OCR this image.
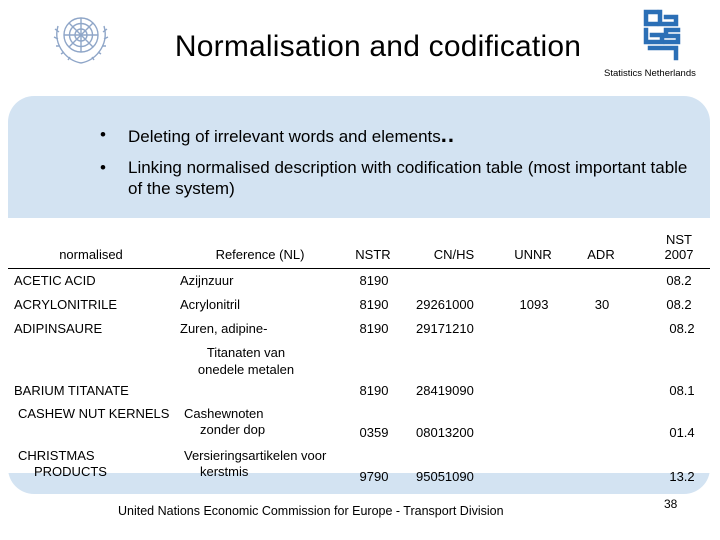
Normalisation and codification
Statistics Netherlands
• Deleting of irrelevant words and elements..
• Linking normalised description with codification table (most important table of the system)
normalised	Reference (NL)	NSTR	CN/HS	UNNR	ADR	NST 2007
ACETIC ACID	Azijnzuur	8190				08.2
ACRYLONITRILE	Acrylonitril	8190	29261000	1093	30	08.2
ADIPINSAURE	Zuren, adipine-	8190	29171210			08.2
BARIUM TITANATE	Titanaten van onedele metalen	8190	28419090			08.1
CASHEW NUT KERNELS	Cashewnoten zonder dop	0359	08013200			01.4
CHRISTMAS PRODUCTS	Versieringsartikelen voor kerstmis	9790	95051090			13.2
United Nations Economic Commission for Europe - Transport Division	38
